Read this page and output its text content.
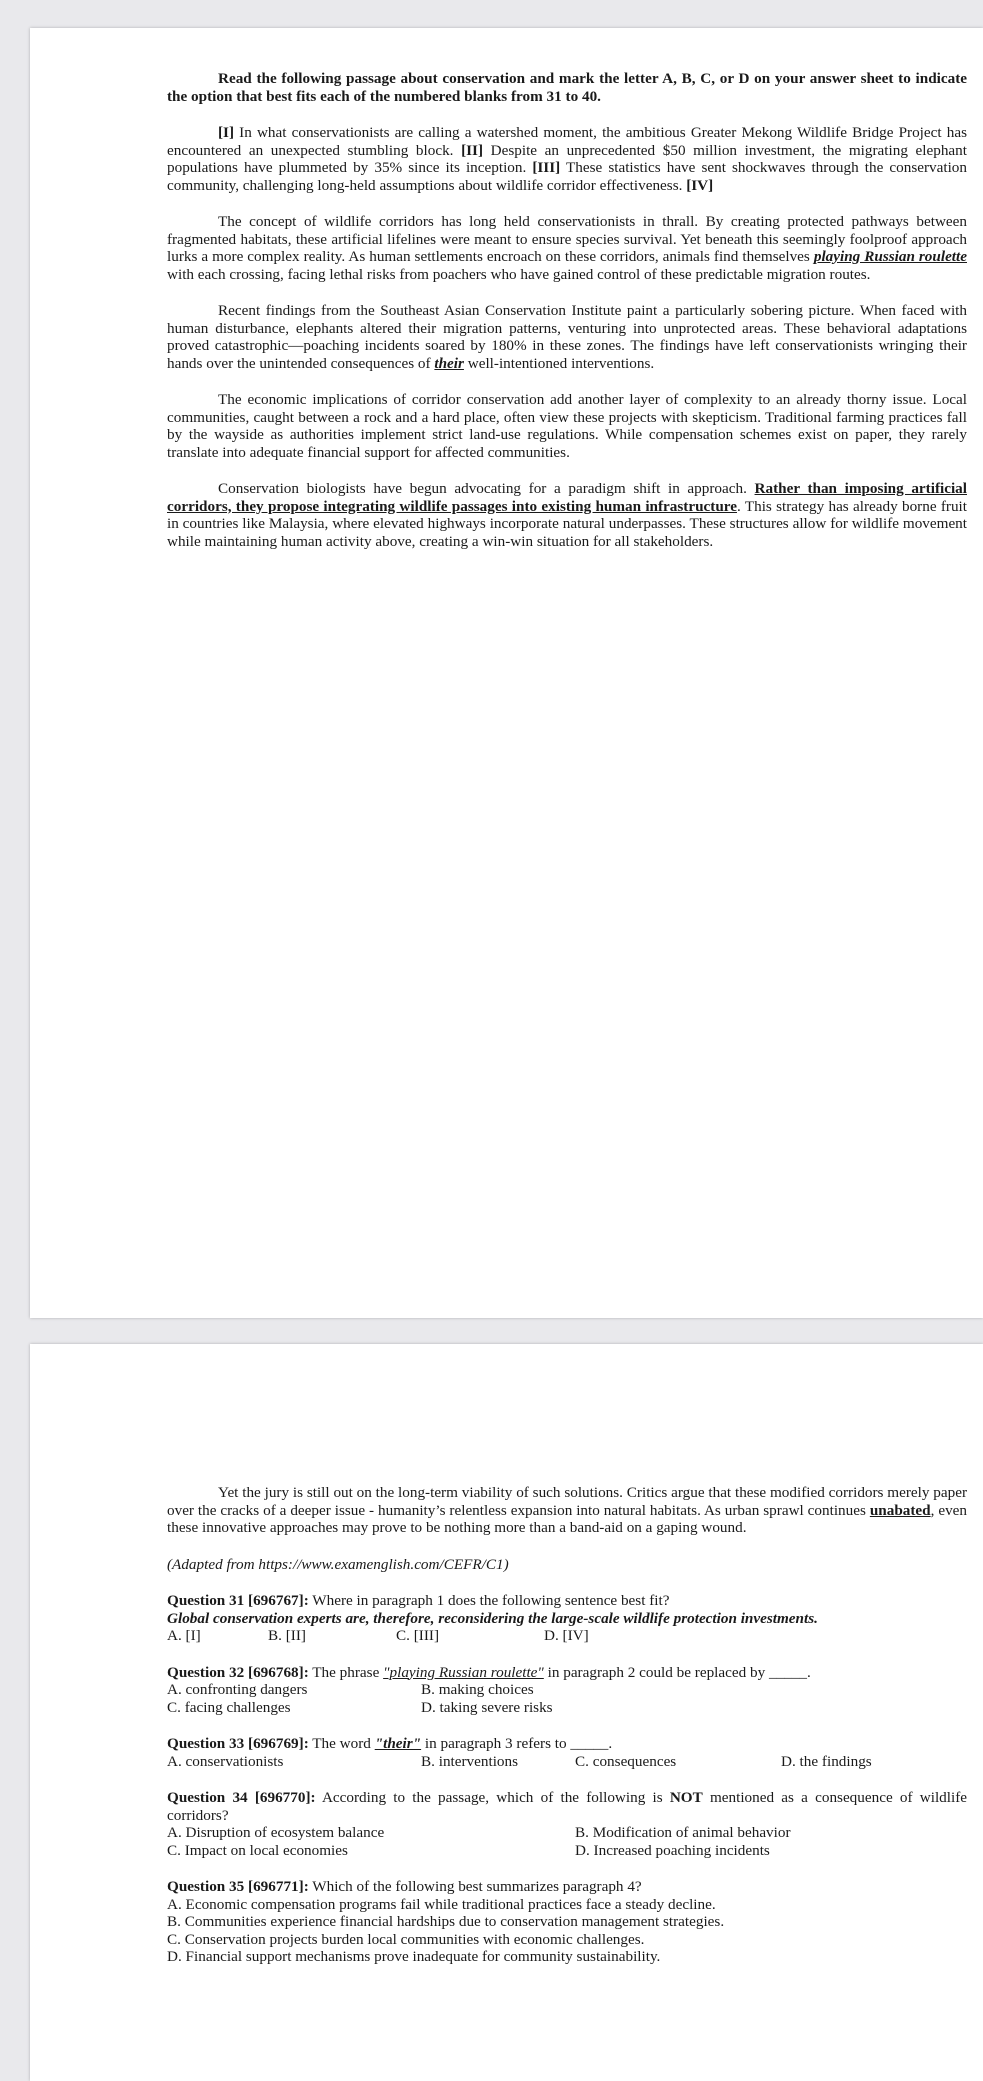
Read the following passage about conservation and mark the letter A, B, C, or D on your answer sheet to indicate the option that best fits each of the numbered blanks from 31 to 40.

[I] In what conservationists are calling a watershed moment, the ambitious Greater Mekong Wildlife Bridge Project has encountered an unexpected stumbling block. [II] Despite an unprecedented $50 million investment, the migrating elephant populations have plummeted by 35% since its inception. [III] These statistics have sent shockwaves through the conservation community, challenging long-held assumptions about wildlife corridor effectiveness. [IV]

The concept of wildlife corridors has long held conservationists in thrall. By creating protected pathways between fragmented habitats, these artificial lifelines were meant to ensure species survival. Yet beneath this seemingly foolproof approach lurks a more complex reality. As human settlements encroach on these corridors, animals find themselves playing Russian roulette with each crossing, facing lethal risks from poachers who have gained control of these predictable migration routes.

Recent findings from the Southeast Asian Conservation Institute paint a particularly sobering picture. When faced with human disturbance, elephants altered their migration patterns, venturing into unprotected areas. These behavioral adaptations proved catastrophic—poaching incidents soared by 180% in these zones. The findings have left conservationists wringing their hands over the unintended consequences of their well-intentioned interventions.

The economic implications of corridor conservation add another layer of complexity to an already thorny issue. Local communities, caught between a rock and a hard place, often view these projects with skepticism. Traditional farming practices fall by the wayside as authorities implement strict land-use regulations. While compensation schemes exist on paper, they rarely translate into adequate financial support for affected communities.

Conservation biologists have begun advocating for a paradigm shift in approach. Rather than imposing artificial corridors, they propose integrating wildlife passages into existing human infrastructure. This strategy has already borne fruit in countries like Malaysia, where elevated highways incorporate natural underpasses. These structures allow for wildlife movement while maintaining human activity above, creating a win-win situation for all stakeholders.

Yet the jury is still out on the long-term viability of such solutions. Critics argue that these modified corridors merely paper over the cracks of a deeper issue - humanity’s relentless expansion into natural habitats. As urban sprawl continues unabated, even these innovative approaches may prove to be nothing more than a band-aid on a gaping wound.

(Adapted from https://www.examenglish.com/CEFR/C1)

Question 31 [696767]: Where in paragraph 1 does the following sentence best fit?

Global conservation experts are, therefore, reconsidering the large-scale wildlife protection investments.

A. [I]	B. [II]	C. [III]	D. [IV]

Question 32 [696768]: The phrase "playing Russian roulette" in paragraph 2 could be replaced by _____.

A. confronting dangers	B. making choices
C. facing challenges	D. taking severe risks

Question 33 [696769]: The word "their" in paragraph 3 refers to _____.

A. conservationists	B. interventions	C. consequences	D. the findings

Question 34 [696770]: According to the passage, which of the following is NOT mentioned as a consequence of wildlife corridors?

A. Disruption of ecosystem balance	B. Modification of animal behavior
C. Impact on local economies	D. Increased poaching incidents

Question 35 [696771]: Which of the following best summarizes paragraph 4?

A. Economic compensation programs fail while traditional practices face a steady decline.

B. Communities experience financial hardships due to conservation management strategies.

C. Conservation projects burden local communities with economic challenges.

D. Financial support mechanisms prove inadequate for community sustainability.
